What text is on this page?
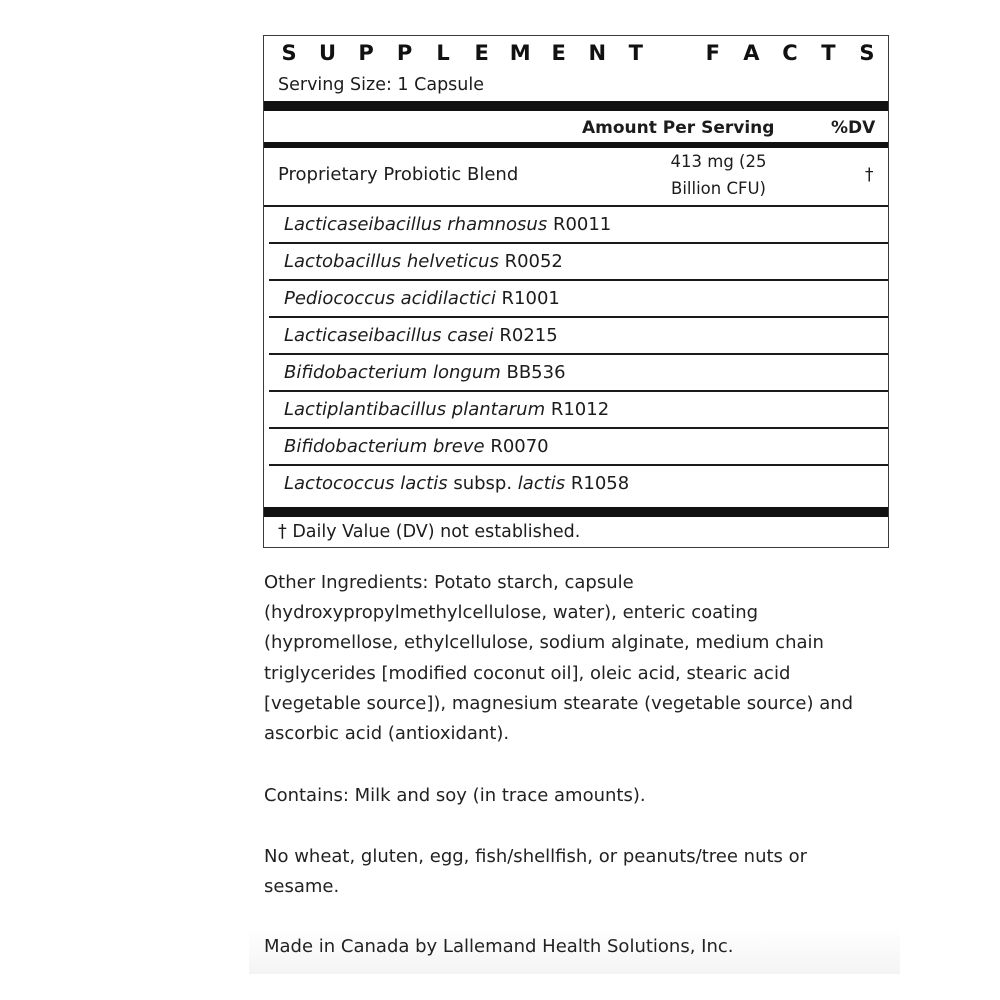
S U P P L E M E N T	F A C T S
Serving Size: 1 Capsule
Amount Per Serving	%DV
Proprietary Probiotic Blend
413 mg (25
Billion CFU)
†
Lacticaseibacillus rhamnosus R0011
Lactobacillus helveticus R0052
Pediococcus acidilactici R1001
Lacticaseibacillus casei R0215
Bifidobacterium longum BB536
Lactiplantibacillus plantarum R1012
Bifidobacterium breve R0070
Lactococcus lactis subsp. lactis R1058
† Daily Value (DV) not established.
Other Ingredients: Potato starch, capsule (hydroxypropylmethylcellulose, water), enteric coating (hypromellose, ethylcellulose, sodium alginate, medium chain triglycerides [modified coconut oil], oleic acid, stearic acid [vegetable source]), magnesium stearate (vegetable source) and ascorbic acid (antioxidant).
Contains: Milk and soy (in trace amounts).
No wheat, gluten, egg, fish/shellfish, or peanuts/tree nuts or sesame.
Made in Canada by Lallemand Health Solutions, Inc.
